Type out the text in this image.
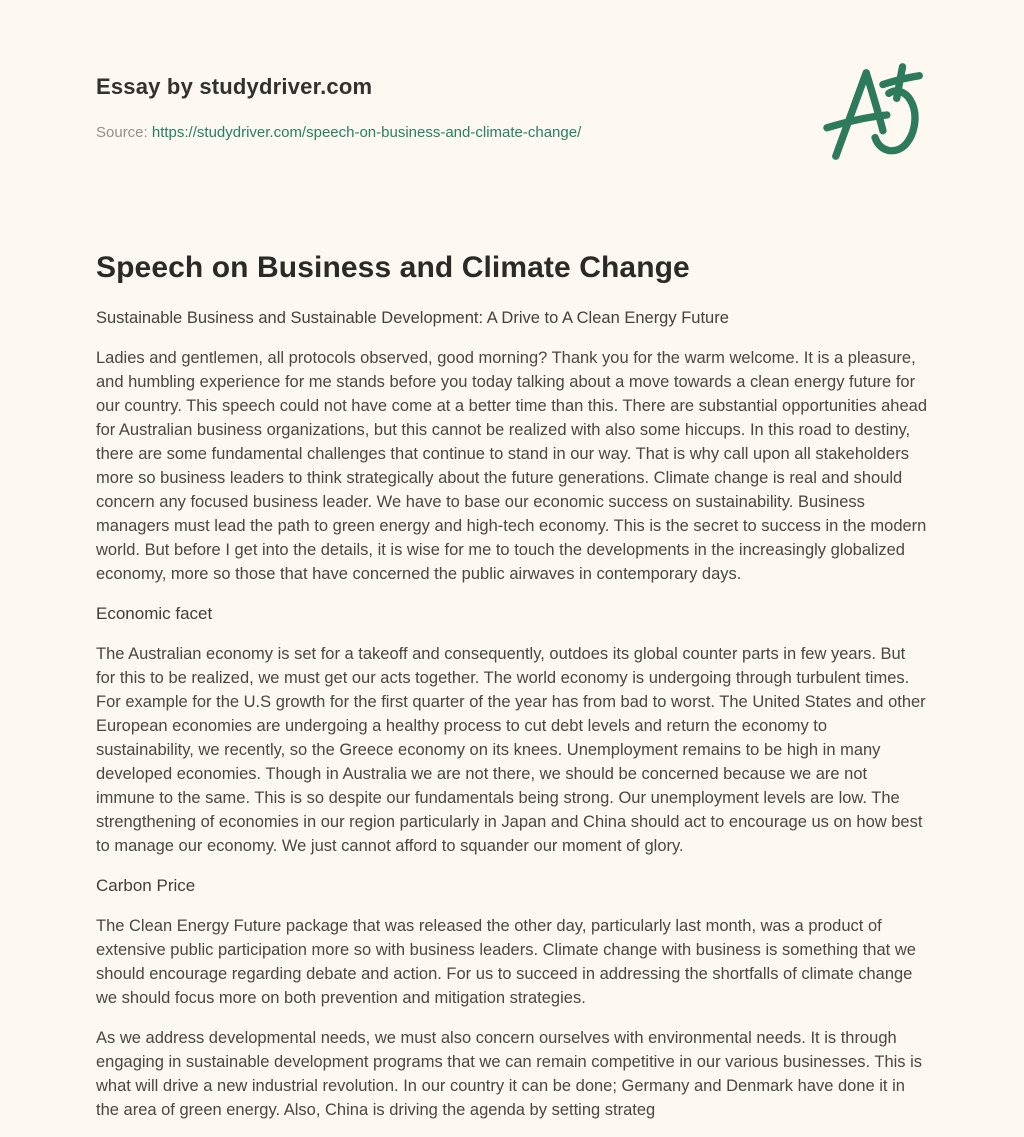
Essay by studydriver.com
Source: https://studydriver.com/speech-on-business-and-climate-change/
Speech on Business and Climate Change
Sustainable Business and Sustainable Development: A Drive to A Clean Energy Future

Ladies and gentlemen, all protocols observed, good morning? Thank you for the warm welcome. It is a pleasure, and humbling experience for me stands before you today talking about a move towards a clean energy future for our country. This speech could not have come at a better time than this. There are substantial opportunities ahead for Australian business organizations, but this cannot be realized with also some hiccups. In this road to destiny, there are some fundamental challenges that continue to stand in our way. That is why call upon all stakeholders more so business leaders to think strategically about the future generations. Climate change is real and should concern any focused business leader. We have to base our economic success on sustainability. Business managers must lead the path to green energy and high-tech economy. This is the secret to success in the modern world. But before I get into the details, it is wise for me to touch the developments in the increasingly globalized economy, more so those that have concerned the public airwaves in contemporary days.

Economic facet

The Australian economy is set for a takeoff and consequently, outdoes its global counter parts in few years. But for this to be realized, we must get our acts together. The world economy is undergoing through turbulent times. For example for the U.S growth for the first quarter of the year has from bad to worst. The United States and other European economies are undergoing a healthy process to cut debt levels and return the economy to sustainability, we recently, so the Greece economy on its knees. Unemployment remains to be high in many developed economies. Though in Australia we are not there, we should be concerned because we are not immune to the same. This is so despite our fundamentals being strong. Our unemployment levels are low. The strengthening of economies in our region particularly in Japan and China should act to encourage us on how best to manage our economy. We just cannot afford to squander our moment of glory.

Carbon Price

The Clean Energy Future package that was released the other day, particularly last month, was a product of extensive public participation more so with business leaders. Climate change with business is something that we should encourage regarding debate and action. For us to succeed in addressing the shortfalls of climate change we should focus more on both prevention and mitigation strategies.

As we address developmental needs, we must also concern ourselves with environmental needs. It is through engaging in sustainable development programs that we can remain competitive in our various businesses. This is what will drive a new industrial revolution. In our country it can be done; Germany and Denmark have done it in the area of green energy. Also, China is driving the agenda by setting strateg
